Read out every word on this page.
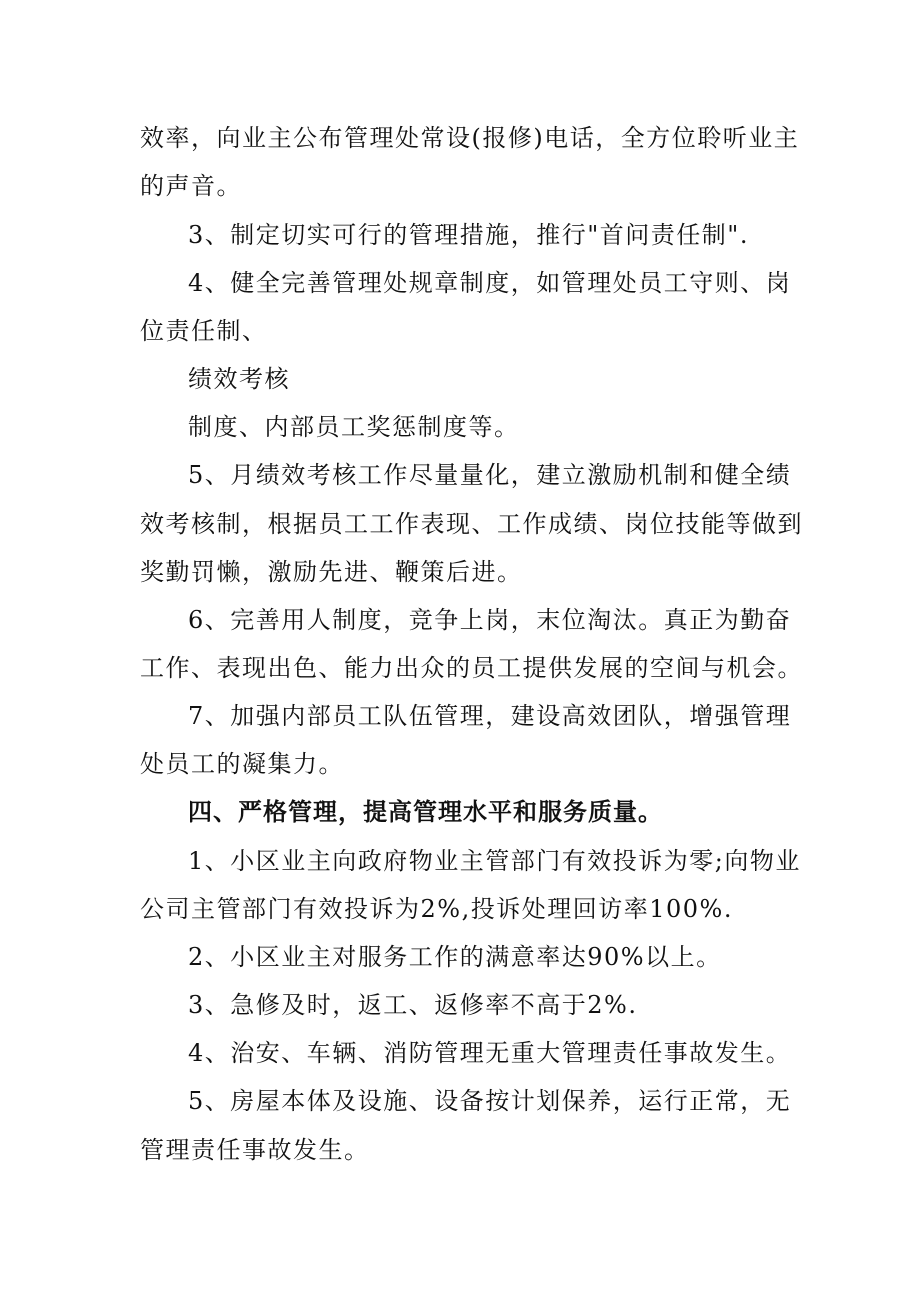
效率，向业主公布管理处常设(报修)电话，全方位聆听业主
的声音。
3、制定切实可行的管理措施，推行"首问责任制".
4、健全完善管理处规章制度，如管理处员工守则、岗
位责任制、
绩效考核
制度、内部员工奖惩制度等。
5、月绩效考核工作尽量量化，建立激励机制和健全绩
效考核制，根据员工工作表现、工作成绩、岗位技能等做到
奖勤罚懒，激励先进、鞭策后进。
6、完善用人制度，竞争上岗，末位淘汰。真正为勤奋
工作、表现出色、能力出众的员工提供发展的空间与机会。
7、加强内部员工队伍管理，建设高效团队，增强管理
处员工的凝集力。
四、严格管理，提高管理水平和服务质量。
1、小区业主向政府物业主管部门有效投诉为零;向物业
公司主管部门有效投诉为2%,投诉处理回访率100%.
2、小区业主对服务工作的满意率达90%以上。
3、急修及时，返工、返修率不高于2%.
4、治安、车辆、消防管理无重大管理责任事故发生。
5、房屋本体及设施、设备按计划保养，运行正常，无
管理责任事故发生。
